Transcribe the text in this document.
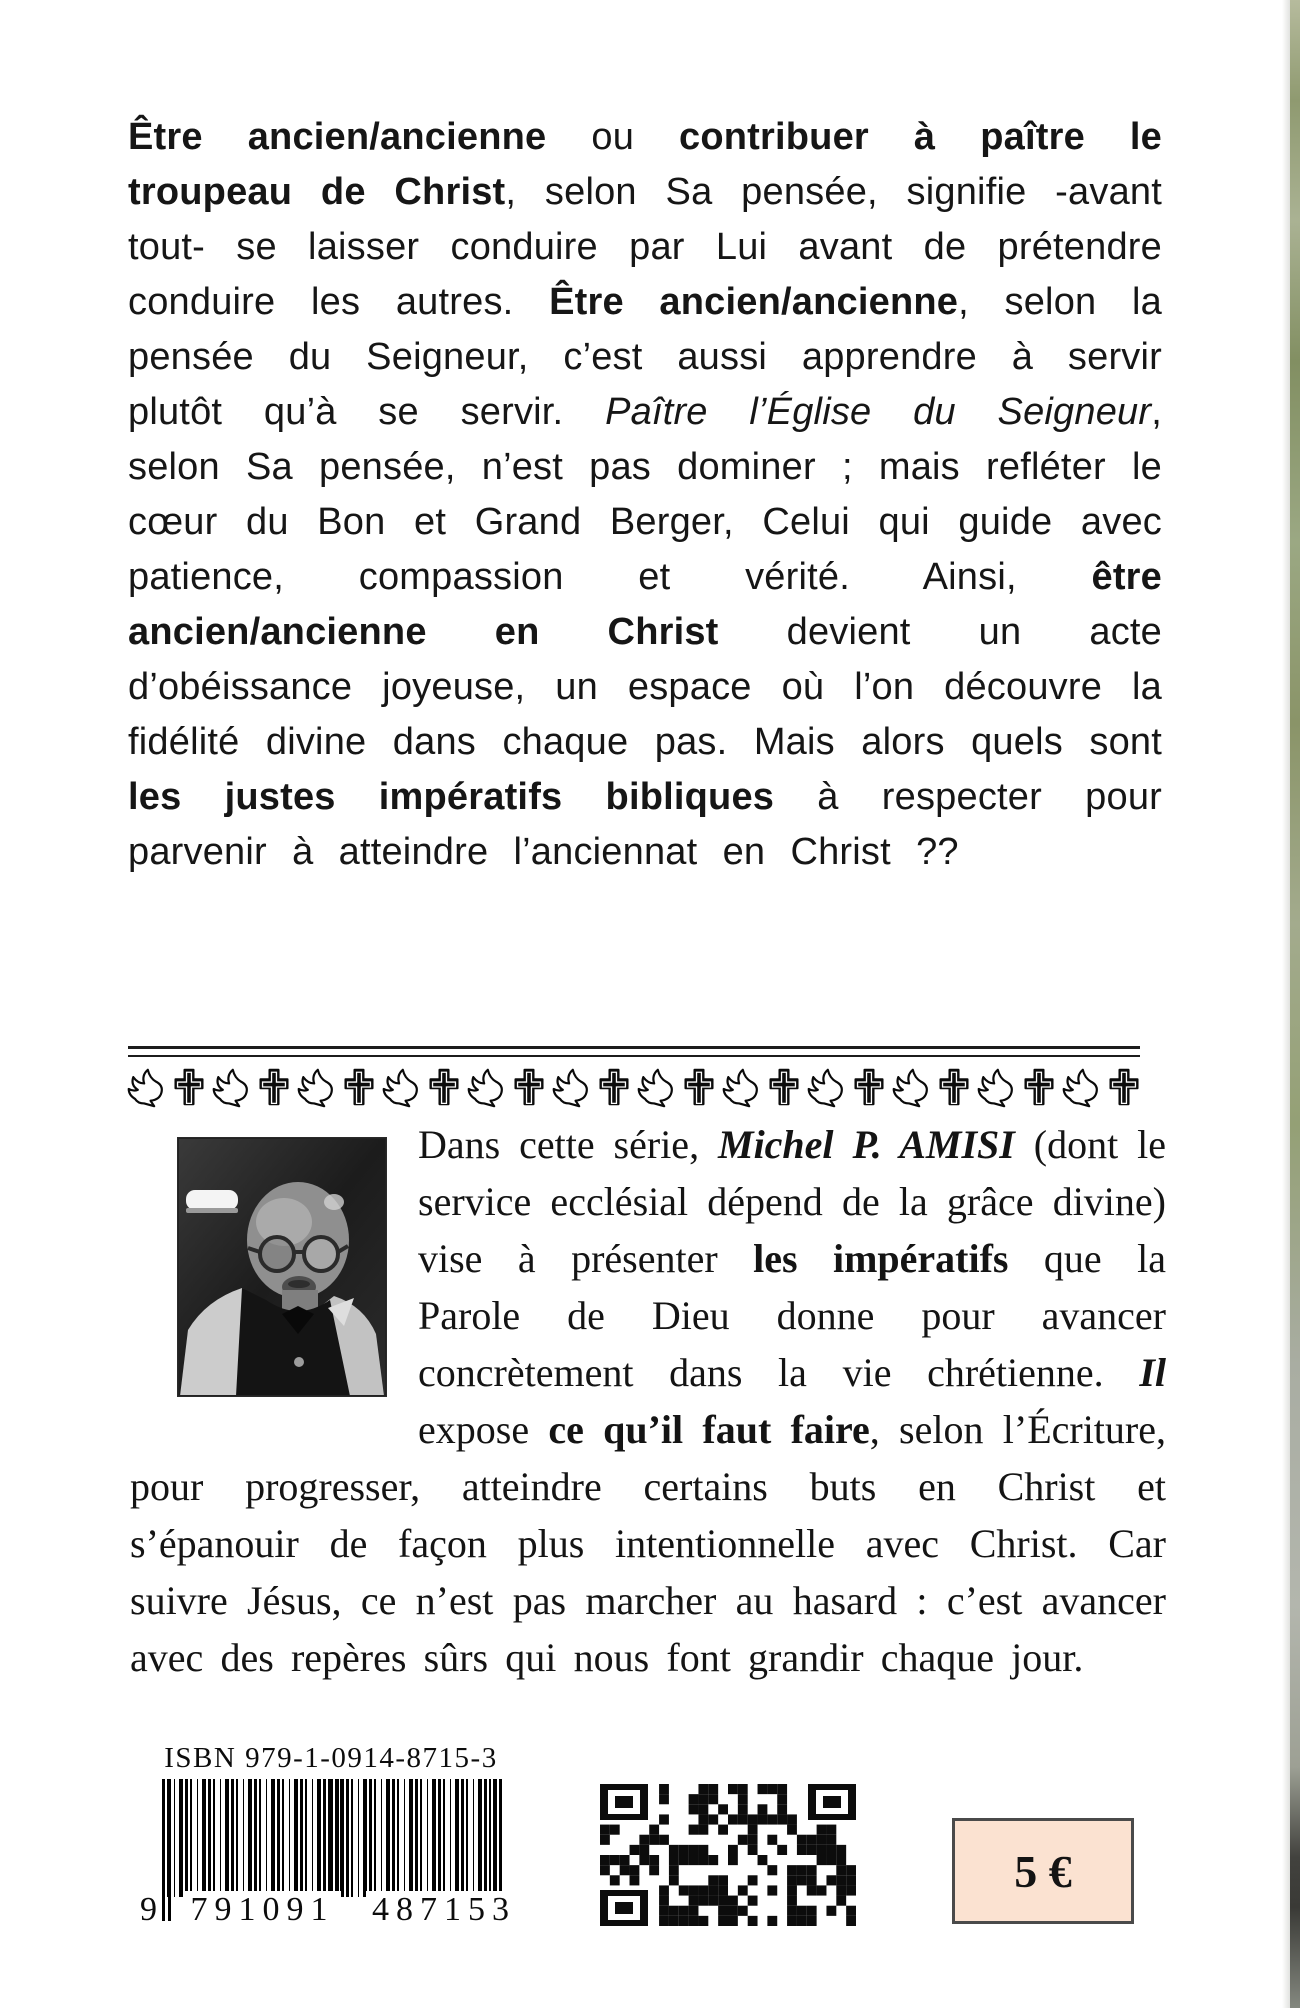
Être ancien/ancienne ou contribuer à paître le troupeau de Christ, selon Sa pensée, signifie -avant tout- se laisser conduire par Lui avant de prétendre conduire les autres. Être ancien/ancienne, selon la pensée du Seigneur, c’est aussi apprendre à servir plutôt qu’à se servir. Paître l’Église du Seigneur, selon Sa pensée, n’est pas dominer ; mais refléter le cœur du Bon et Grand Berger, Celui qui guide avec patience, compassion et vérité. Ainsi, être ancien/ancienne en Christ devient un acte d’obéissance joyeuse, un espace où l’on découvre la fidélité divine dans chaque pas. Mais alors quels sont les justes impératifs bibliques à respecter pour parvenir à atteindre l’anciennat en Christ ??

Dans cette série, Michel P. AMISI (dont le service ecclésial dépend de la grâce divine) vise à présenter les impératifs que la Parole de Dieu donne pour avancer concrètement dans la vie chrétienne. Il expose ce qu’il faut faire, selon l’Écriture, pour progresser, atteindre certains buts en Christ et s’épanouir de façon plus intentionnelle avec Christ. Car suivre Jésus, ce n’est pas marcher au hasard : c’est avancer avec des repères sûrs qui nous font grandir chaque jour.

ISBN 979-1-0914-8715-3
9 791091 487153
5 €
